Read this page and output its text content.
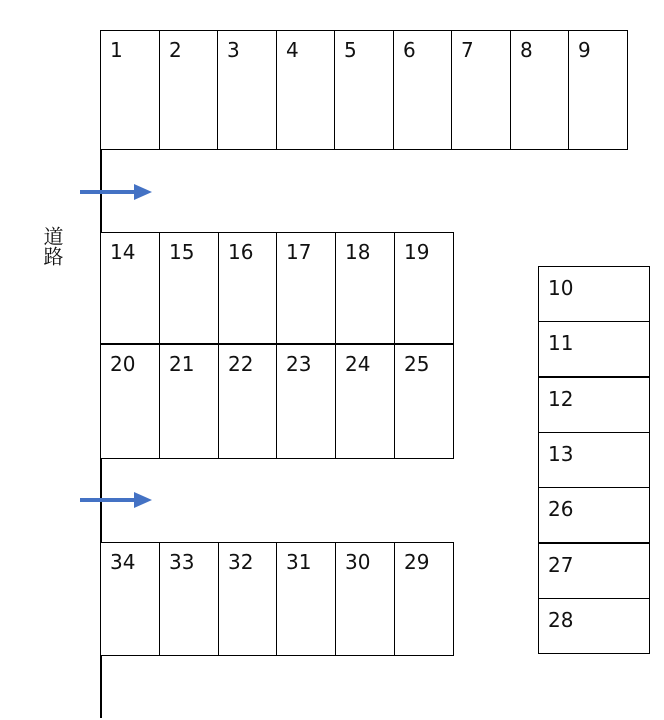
道路
1 2 3 4 5 6 7 8 9
14 15 16 17 18 19
20 21 22 23 24 25
34 33 32 31 30 29
10
11
12
13
26
27
28
